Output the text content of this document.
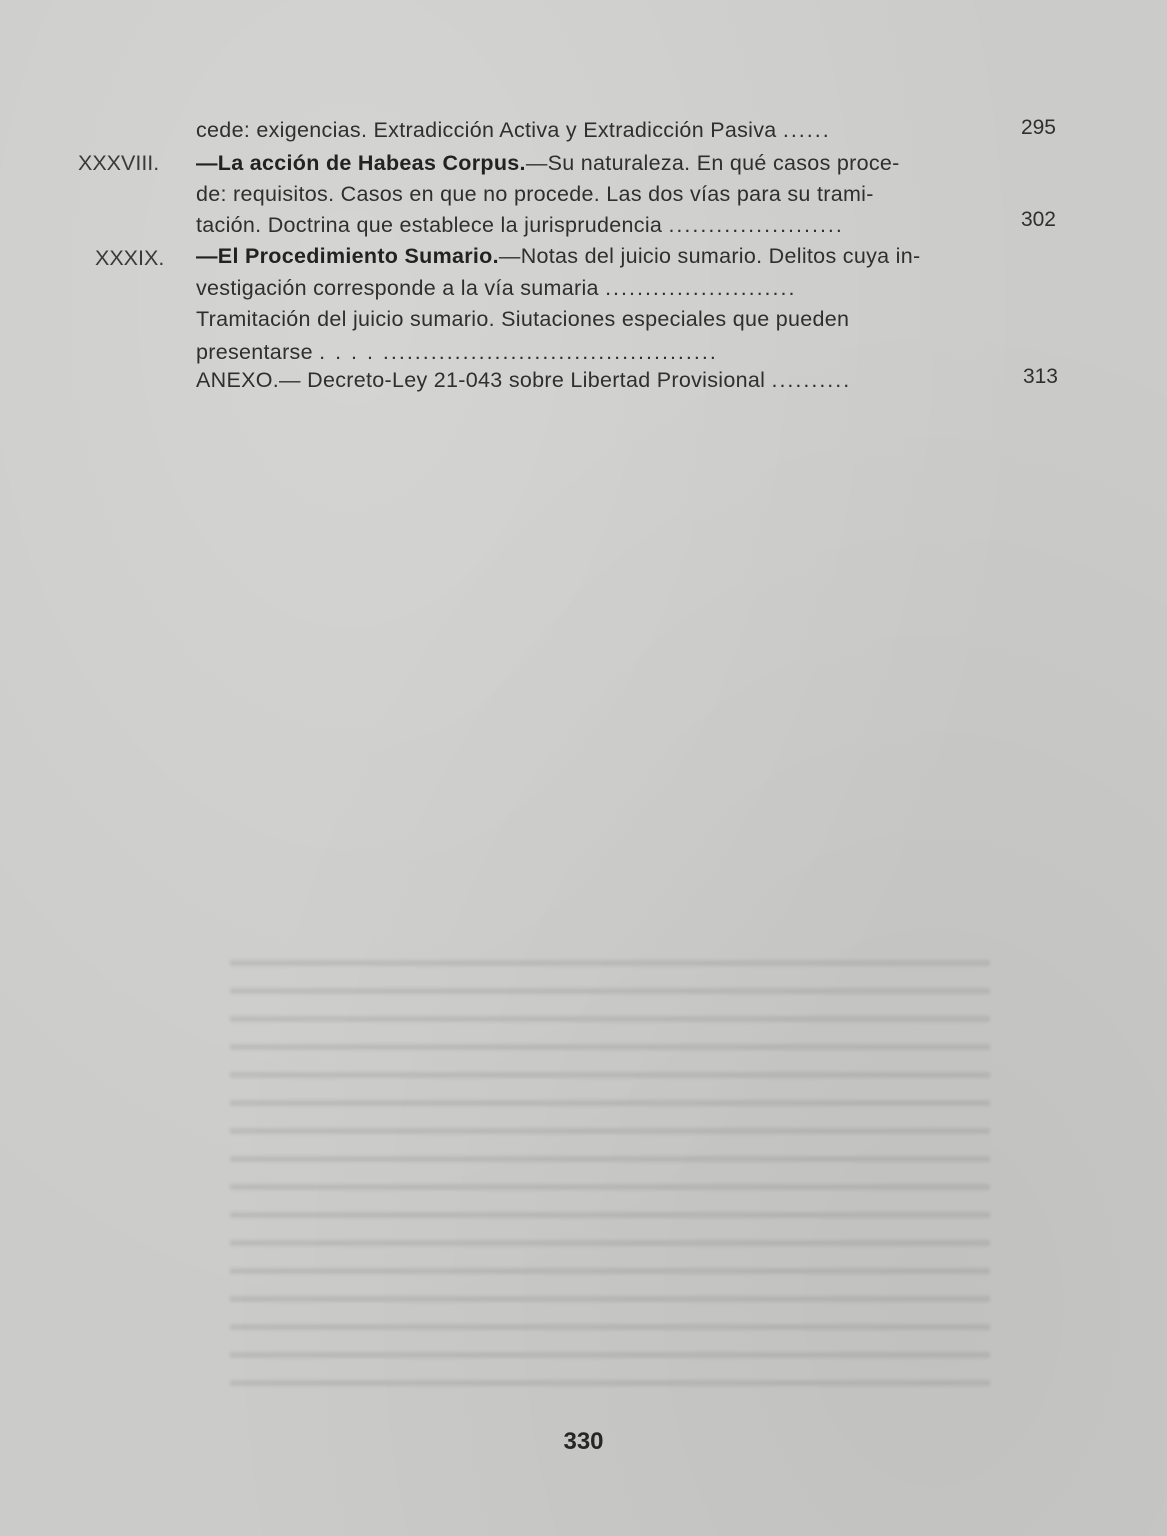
cede: exigencias. Extradicción Activa y Extradicción Pasiva ......	295
XXXVIII. —La acción de Habeas Corpus.—Su naturaleza. En qué casos proce-
de: requisitos. Casos en que no procede. Las dos vías para su trami-
tación. Doctrina que establece la jurisprudencia ......................	302
XXXIX. —El Procedimiento Sumario.—Notas del juicio sumario. Delitos cuya in-
vestigación corresponde a la vía sumaria ........................
Tramitación del juicio sumario. Siutaciones especiales que pueden
presentarse . . . . ..........................................
ANEXO.— Decreto-Ley 21-043 sobre Libertad Provisional ..........	313
330
